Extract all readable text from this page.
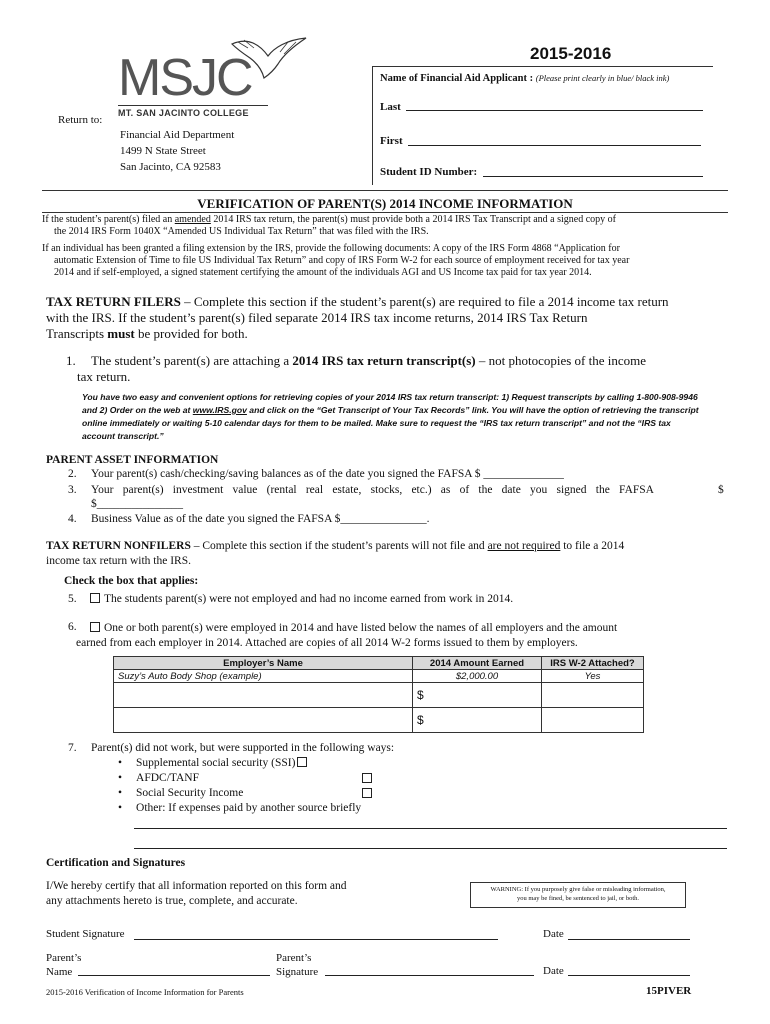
2015-2016
MSJC
MT. SAN JACINTO COLLEGE
Return to:
Financial Aid Department
1499 N State Street
San Jacinto, CA 92583
Name of Financial Aid Applicant : (Please print clearly in blue/ black ink)
Last
First
Student ID Number:
VERIFICATION OF PARENT(S) 2014 INCOME INFORMATION
If the student’s parent(s) filed an amended 2014 IRS tax return, the parent(s) must provide both a 2014 IRS Tax Transcript and a signed copy of
the 2014 IRS Form 1040X “Amended US Individual Tax Return” that was filed with the IRS.
If an individual has been granted a filing extension by the IRS, provide the following documents: A copy of the IRS Form 4868 “Application for
automatic Extension of Time to file US Individual Tax Return” and copy of IRS Form W-2 for each source of employment received for tax year
2014 and if self-employed, a signed statement certifying the amount of the individuals AGI and US Income tax paid for tax year 2014.
TAX RETURN FILERS – Complete this section if the student’s parent(s) are required to file a 2014 income tax return
with the IRS. If the student’s parent(s) filed separate 2014 IRS tax income returns, 2014 IRS Tax Return
Transcripts must be provided for both.
1. The student’s parent(s) are attaching a 2014 IRS tax return transcript(s) – not photocopies of the income
tax return.
You have two easy and convenient options for retrieving copies of your 2014 IRS tax return transcript: 1) Request transcripts by calling 1-800-908-9946
and 2) Order on the web at www.IRS.gov and click on the “Get Transcript of Your Tax Records” link. You will have the option of retrieving the transcript
online immediately or waiting 5-10 calendar days for them to be mailed. Make sure to request the “IRS tax return transcript” and not the “IRS tax
account transcript.”
PARENT ASSET INFORMATION
2. Your parent(s) cash/checking/saving balances as of the date you signed the FAFSA $ ______________
3. Your parent(s) investment value (rental real estate, stocks, etc.) as of the date you signed the FAFSA	$
$_______________
4. Business Value as of the date you signed the FAFSA $_______________.
TAX RETURN NONFILERS – Complete this section if the student’s parents will not file and are not required to file a 2014
income tax return with the IRS.
Check the box that applies:
5.	The students parent(s) were not employed and had no income earned from work in 2014.
6.	One or both parent(s) were employed in 2014 and have listed below the names of all employers and the amount
earned from each employer in 2014. Attached are copies of all 2014 W-2 forms issued to them by employers.
Employer’s Name	2014 Amount Earned	IRS W-2 Attached?
Suzy’s Auto Body Shop (example)	$2,000.00	Yes
	$	
	$	
7. Parent(s) did not work, but were supported in the following ways:
• Supplemental social security (SSI)
• AFDC/TANF
• Social Security Income
• Other: If expenses paid by another source briefly
Certification and Signatures
I/We hereby certify that all information reported on this form and
any attachments hereto is true, complete, and accurate.
WARNING: If you purposely give false or misleading information,
you may be fined, be sentenced to jail, or both.
Student Signature	Date
Parent’s
Name
Parent’s
Signature	Date
2015-2016 Verification of Income Information for Parents	15PIVER
